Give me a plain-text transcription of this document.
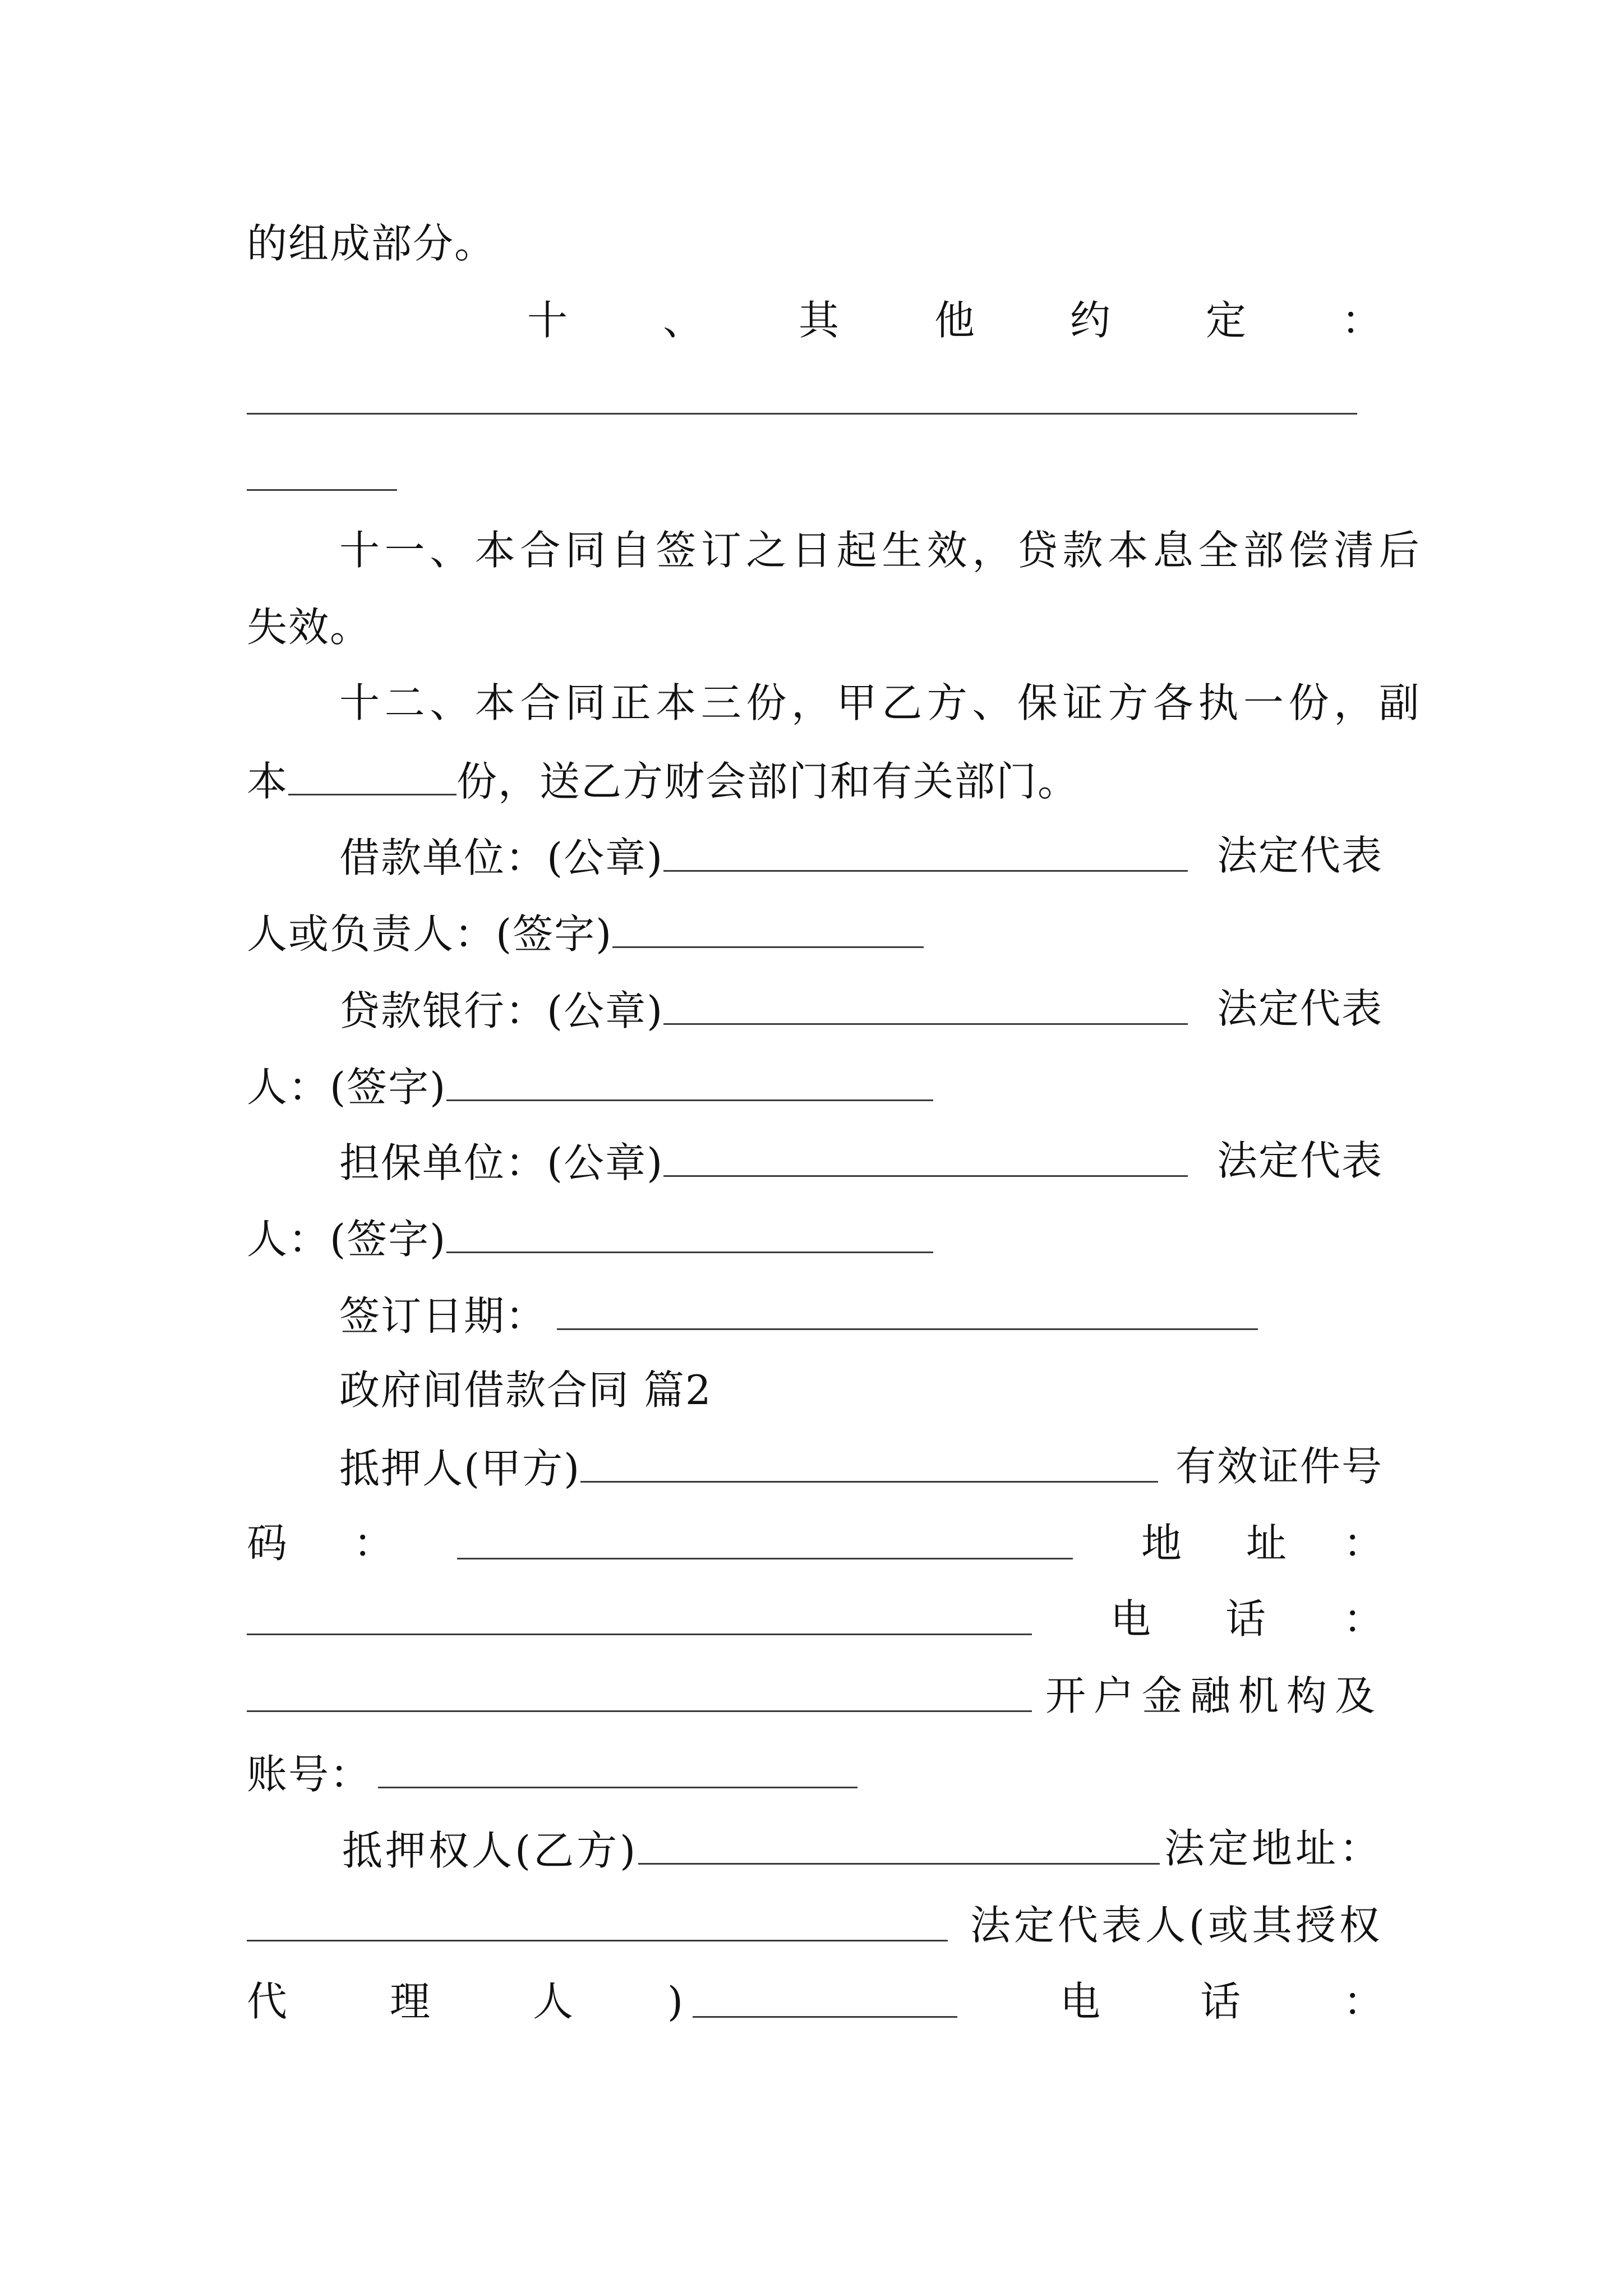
的组成部分。
十 、 其 他 约 定 ：
十一、本合同自签订之日起生效，贷款本息全部偿清后
失效。
十二、本合同正本三份，甲乙方、保证方各执一份，副
本	份，送乙方财会部门和有关部门。
借款单位：(公章)	法定代表
人或负责人：(签字)
贷款银行：(公章)	法定代表
人：(签字)
担保单位：(公章)	法定代表
人：(签字)
签订日期：
政府间借款合同 篇2
抵押人(甲方)	有效证件号
码 ：	地 址 ：
电 话 ：
开户金融机构及
账号：
抵押权人(乙方)	法定地址：
法定代表人(或其授权
代	理	人 )	电 话	：
